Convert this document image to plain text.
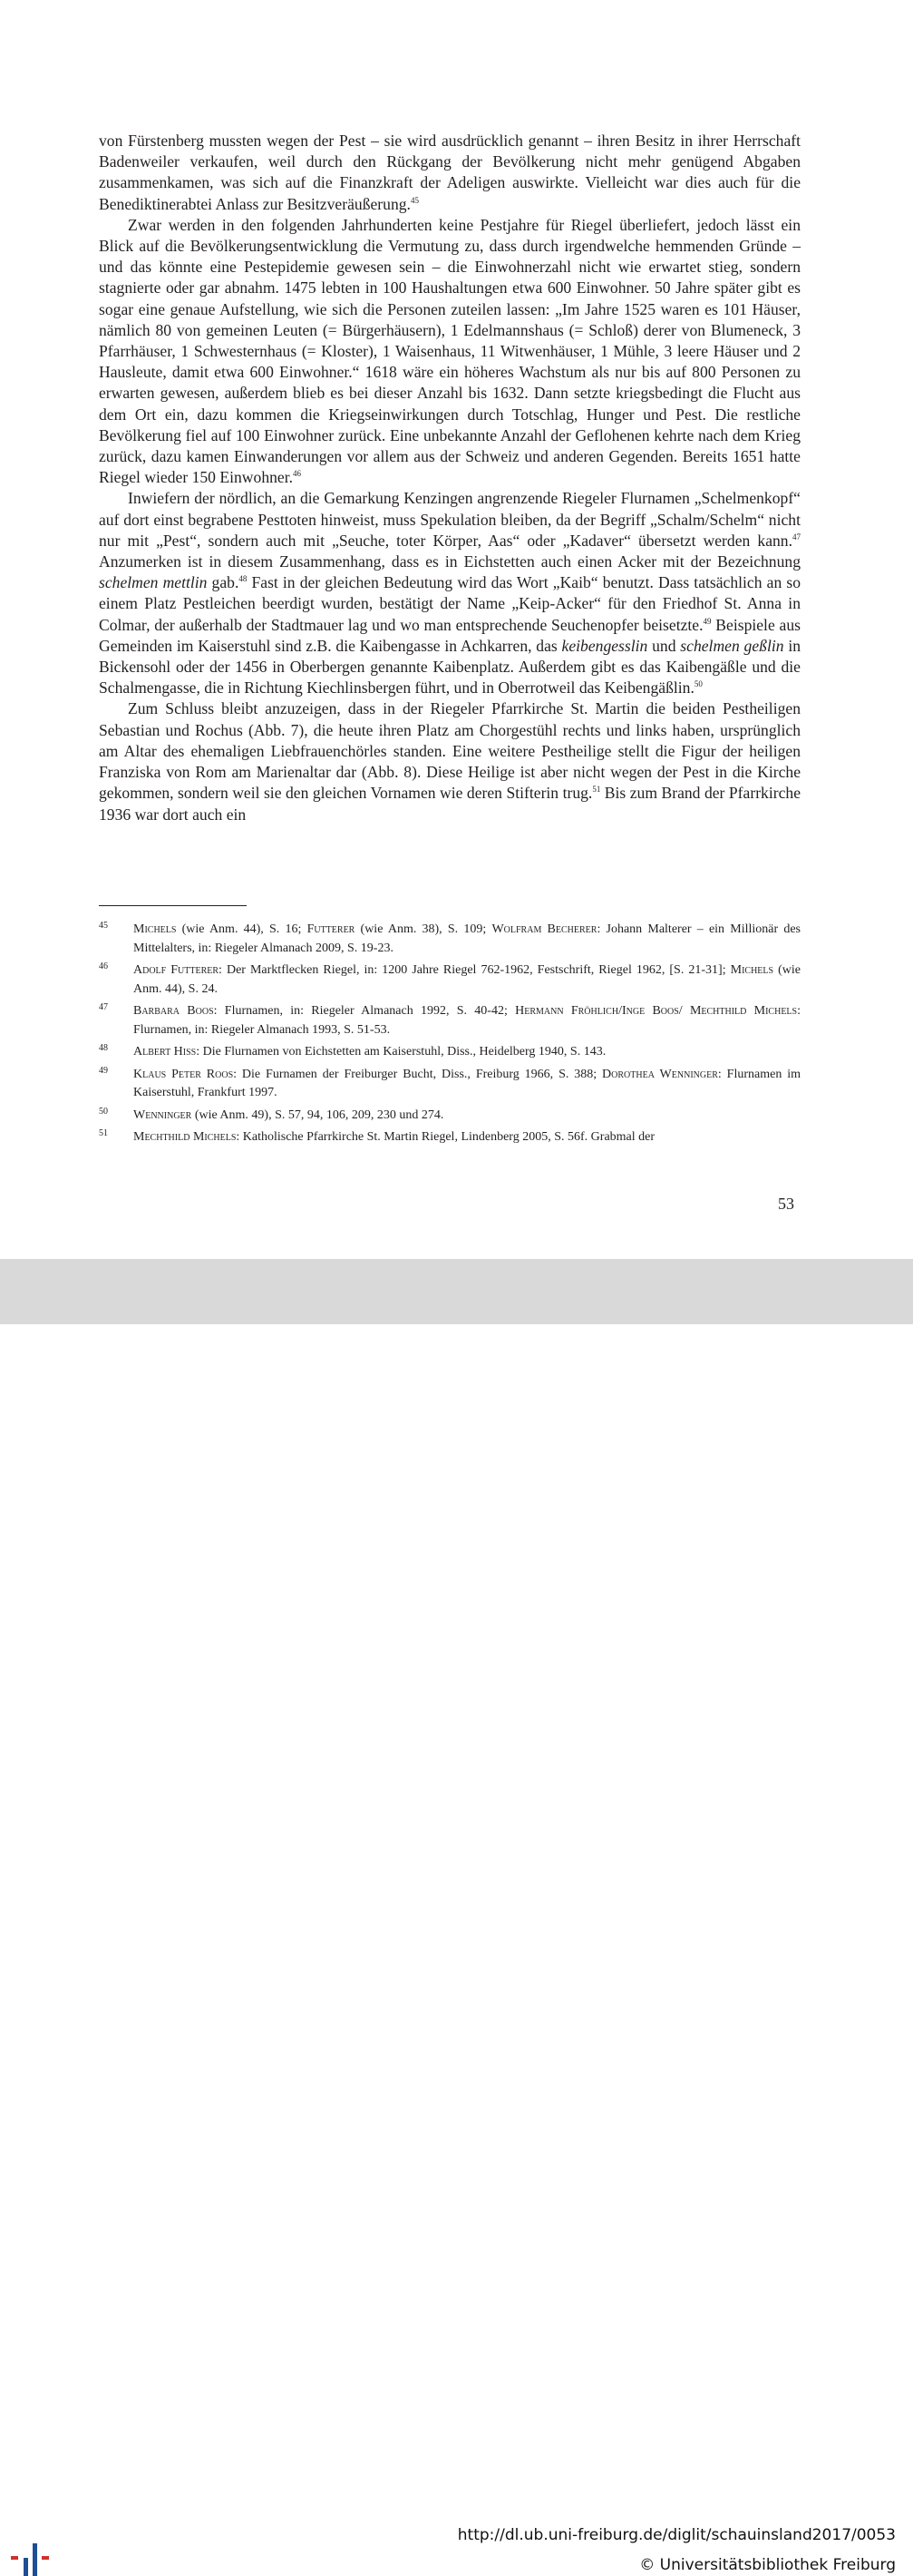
von Fürstenberg mussten wegen der Pest – sie wird ausdrücklich genannt – ihren Besitz in ihrer Herrschaft Badenweiler verkaufen, weil durch den Rückgang der Bevölkerung nicht mehr genügend Abgaben zusammenkamen, was sich auf die Finanzkraft der Adeligen auswirkte. Vielleicht war dies auch für die Benediktinerabtei Anlass zur Besitzveräußerung.$^{45}$

Zwar werden in den folgenden Jahrhunderten keine Pestjahre für Riegel überliefert, jedoch lässt ein Blick auf die Bevölkerungsentwicklung die Vermutung zu, dass durch irgendwelche hemmenden Gründe – und das könnte eine Pestepidemie gewesen sein – die Einwohnerzahl nicht wie erwartet stieg, sondern stagnierte oder gar abnahm. 1475 lebten in 100 Haushaltungen etwa 600 Einwohner. 50 Jahre später gibt es sogar eine genaue Aufstellung, wie sich die Personen zuteilen lassen: „Im Jahre 1525 waren es 101 Häuser, nämlich 80 von gemeinen Leuten (= Bürgerhäusern), 1 Edelmannshaus (= Schloß) derer von Blumeneck, 3 Pfarrhäuser, 1 Schwesternhaus (= Kloster), 1 Waisenhaus, 11 Witwenhäuser, 1 Mühle, 3 leere Häuser und 2 Hausleute, damit etwa 600 Einwohner.“ 1618 wäre ein höheres Wachstum als nur bis auf 800 Personen zu erwarten gewesen, außerdem blieb es bei dieser Anzahl bis 1632. Dann setzte kriegsbedingt die Flucht aus dem Ort ein, dazu kommen die Kriegseinwirkungen durch Totschlag, Hunger und Pest. Die restliche Bevölkerung fiel auf 100 Einwohner zurück. Eine unbekannte Anzahl der Geflohenen kehrte nach dem Krieg zurück, dazu kamen Einwanderungen vor allem aus der Schweiz und anderen Gegenden. Bereits 1651 hatte Riegel wieder 150 Einwohner.$^{46}$

Inwiefern der nördlich, an die Gemarkung Kenzingen angrenzende Riegeler Flurnamen „Schelmenkopf“ auf dort einst begrabene Pesttoten hinweist, muss Spekulation bleiben, da der Begriff „Schalm/Schelm“ nicht nur mit „Pest“, sondern auch mit „Seuche, toter Körper, Aas“ oder „Kadaver“ übersetzt werden kann.$^{47}$ Anzumerken ist in diesem Zusammenhang, dass es in Eichstetten auch einen Acker mit der Bezeichnung schelmen mettlin gab.$^{48}$ Fast in der gleichen Bedeutung wird das Wort „Kaib“ benutzt. Dass tatsächlich an so einem Platz Pestleichen beerdigt wurden, bestätigt der Name „Keip-Acker“ für den Friedhof St. Anna in Colmar, der außerhalb der Stadtmauer lag und wo man entsprechende Seuchenopfer beisetzte.$^{49}$ Beispiele aus Gemeinden im Kaiserstuhl sind z.B. die Kaibengasse in Achkarren, das keibengesslin und schelmen geßlin in Bickensohl oder der 1456 in Oberbergen genannte Kaibenplatz. Außerdem gibt es das Kaibengäßle und die Schalmengasse, die in Richtung Kiechlinsbergen führt, und in Oberrotweil das Keibengäßlin.$^{50}$

Zum Schluss bleibt anzuzeigen, dass in der Riegeler Pfarrkirche St. Martin die beiden Pestheiligen Sebastian und Rochus (Abb. 7), die heute ihren Platz am Chorgestühl rechts und links haben, ursprünglich am Altar des ehemaligen Liebfrauenchörles standen. Eine weitere Pestheilige stellt die Figur der heiligen Franziska von Rom am Marienaltar dar (Abb. 8). Diese Heilige ist aber nicht wegen der Pest in die Kirche gekommen, sondern weil sie den gleichen Vornamen wie deren Stifterin trug.$^{51}$ Bis zum Brand der Pfarrkirche 1936 war dort auch ein

45	Michels (wie Anm. 44), S. 16; Futterer (wie Anm. 38), S. 109; Wolfram Becherer: Johann Malterer – ein Millionär des Mittelalters, in: Riegeler Almanach 2009, S. 19-23.
46	Adolf Futterer: Der Marktflecken Riegel, in: 1200 Jahre Riegel 762-1962, Festschrift, Riegel 1962, [S. 21-31]; Michels (wie Anm. 44), S. 24.
47	Barbara Boos: Flurnamen, in: Riegeler Almanach 1992, S. 40-42; Hermann Fröhlich/Inge Boos/ Mechthild Michels: Flurnamen, in: Riegeler Almanach 1993, S. 51-53.
48	Albert Hiss: Die Flurnamen von Eichstetten am Kaiserstuhl, Diss., Heidelberg 1940, S. 143.
49	Klaus Peter Roos: Die Furnamen der Freiburger Bucht, Diss., Freiburg 1966, S. 388; Dorothea Wenninger: Flurnamen im Kaiserstuhl, Frankfurt 1997.
50	Wenninger (wie Anm. 49), S. 57, 94, 106, 209, 230 und 274.
51	Mechthild Michels: Katholische Pfarrkirche St. Martin Riegel, Lindenberg 2005, S. 56f. Grabmal der
53
http://dl.ub.uni-freiburg.de/diglit/schauinsland2017/0053
© Universitätsbibliothek Freiburg
